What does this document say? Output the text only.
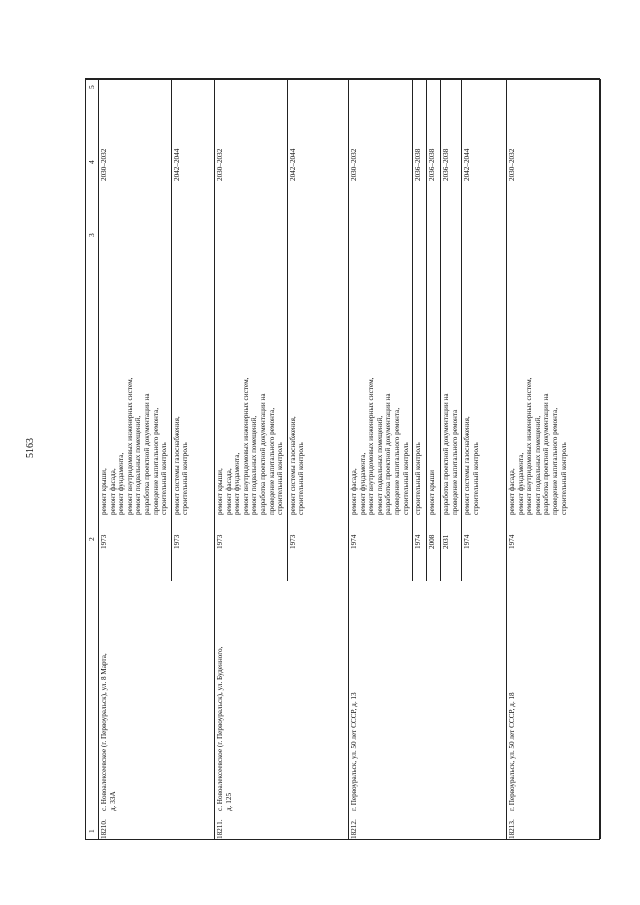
5163
1
2
3
4
5
18210.
с. Новоалексеевское (г. Первоуральск), ул. 8 Марта, д. 33А
1973
2030–2032
ремонт крыши, ремонт фасада, ремонт фундамента, ремонт внутридомовых инженерных систем, ремонт подвальных помещений, разработка проектной документации на проведение капитального ремонта, строительный контроль
1973
2042–2044
ремонт системы газоснабжения, строительный контроль
18211.
с. Новоалексеевское (г. Первоуральск), ул. Буденного, д. 125
1973
2030–2032
ремонт крыши, ремонт фасада, ремонт фундамента, ремонт внутридомовых инженерных систем, ремонт подвальных помещений, разработка проектной документации на проведение капитального ремонта, строительный контроль
1973
2042–2044
ремонт системы газоснабжения, строительный контроль
18212.
г. Первоуральск, ул. 50 лет СССР, д. 13
1974
2030–2032
ремонт фасада, ремонт фундамента, ремонт внутридомовых инженерных систем, ремонт подвальных помещений, разработка проектной документации на проведение капитального ремонта, строительный контроль
1974
2036–2038
строительный контроль
2008
2036–2038
ремонт крыши
2031
2036–2038
разработка проектной документации на проведение капитального ремонта
1974
2042–2044
ремонт системы газоснабжения, строительный контроль
18213.
г. Первоуральск, ул. 50 лет СССР, д. 18
1974
2030–2032
ремонт фасада, ремонт фундамента, ремонт внутридомовых инженерных систем, ремонт подвальных помещений, разработка проектной документации на проведение капитального ремонта, строительный контроль
